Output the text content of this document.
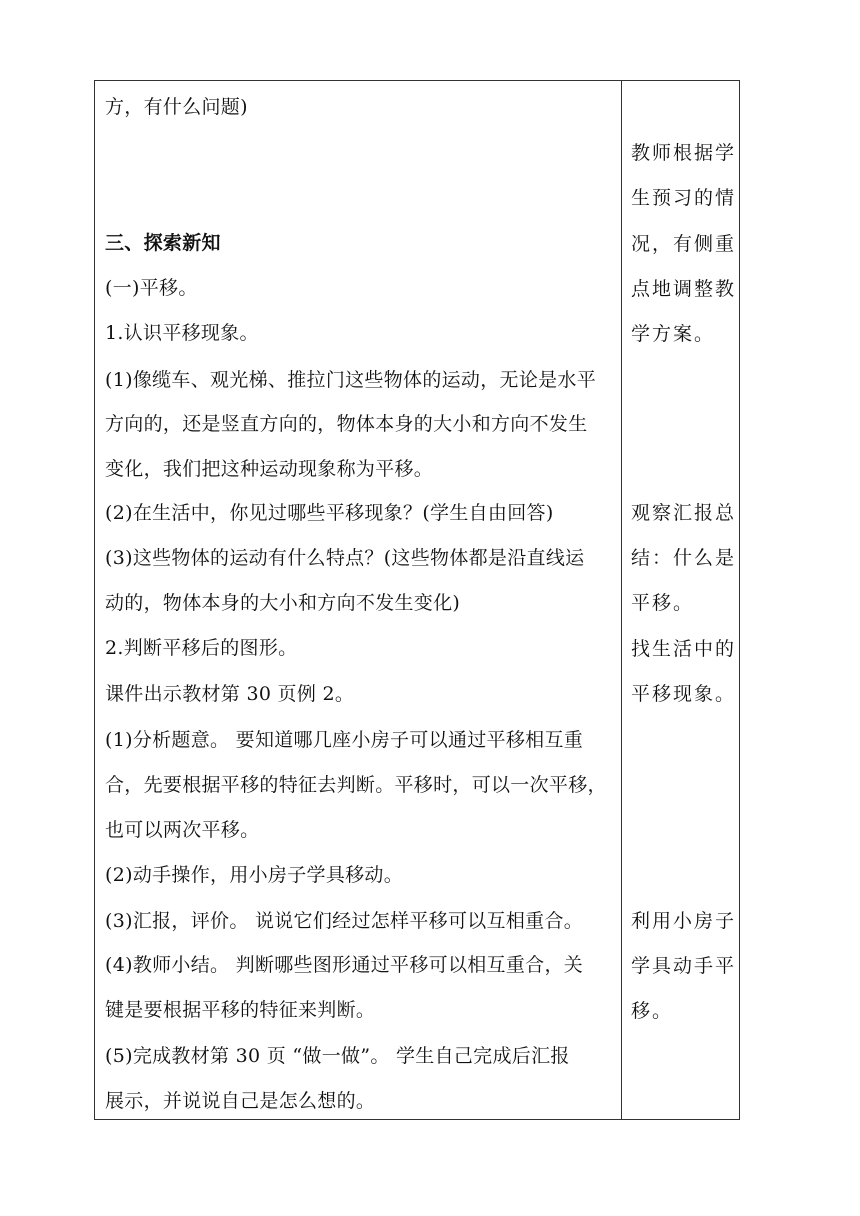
方，有什么问题)
三、探索新知
(一)平移。
1.认识平移现象。
(1)像缆车、观光梯、推拉门这些物体的运动，无论是水平
方向的，还是竖直方向的，物体本身的大小和方向不发生
变化，我们把这种运动现象称为平移。
(2)在生活中，你见过哪些平移现象？(学生自由回答)
(3)这些物体的运动有什么特点？(这些物体都是沿直线运
动的，物体本身的大小和方向不发生变化)
2.判断平移后的图形。
课件出示教材第 30 页例 2。
(1)分析题意。 要知道哪几座小房子可以通过平移相互重
合，先要根据平移的特征去判断。平移时，可以一次平移，
也可以两次平移。
(2)动手操作，用小房子学具移动。
(3)汇报，评价。 说说它们经过怎样平移可以互相重合。
(4)教师小结。 判断哪些图形通过平移可以相互重合，关
键是要根据平移的特征来判断。
(5)完成教材第 30 页 “做一做”。 学生自己完成后汇报
展示，并说说自己是怎么想的。
教师根据学
生预习的情
况，有侧重
点地调整教
学方案。
观察汇报总
结：什么是
平移。
找生活中的
平移现象。
利用小房子
学具动手平
移。
